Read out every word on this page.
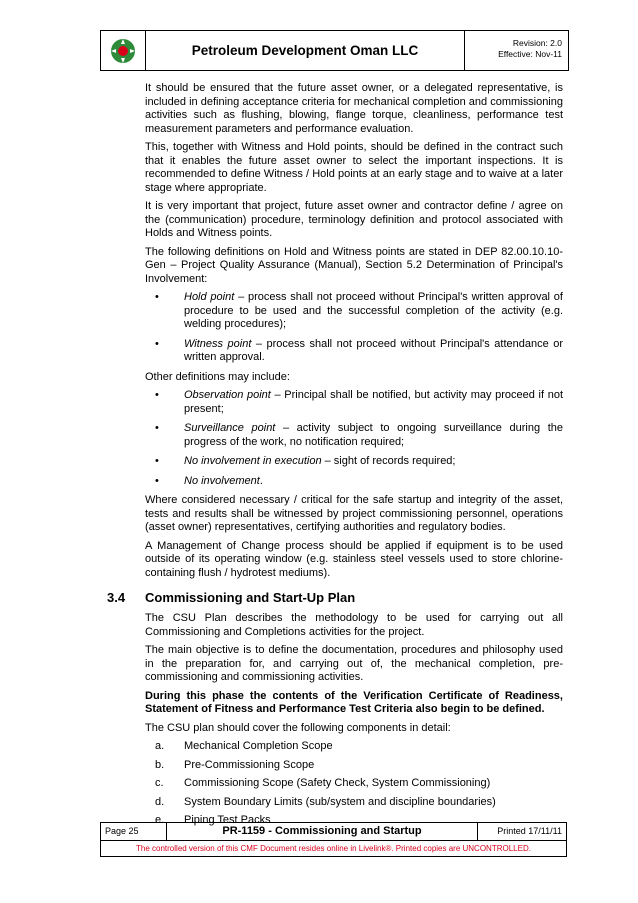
Petroleum Development Oman LLC	Revision: 2.0
Effective: Nov-11

It should be ensured that the future asset owner, or a delegated representative, is included in defining acceptance criteria for mechanical completion and commissioning activities such as flushing, blowing, flange torque, cleanliness, performance test measurement parameters and performance evaluation.

This, together with Witness and Hold points, should be defined in the contract such that it enables the future asset owner to select the important inspections. It is recommended to define Witness / Hold points at an early stage and to waive at a later stage where appropriate.

It is very important that project, future asset owner and contractor define / agree on the (communication) procedure, terminology definition and protocol associated with Holds and Witness points.

The following definitions on Hold and Witness points are stated in DEP 82.00.10.10-Gen – Project Quality Assurance (Manual), Section 5.2 Determination of Principal's Involvement:

• Hold point – process shall not proceed without Principal's written approval of procedure to be used and the successful completion of the activity (e.g. welding procedures);
• Witness point – process shall not proceed without Principal's attendance or written approval.

Other definitions may include:

• Observation point – Principal shall be notified, but activity may proceed if not present;
• Surveillance point – activity subject to ongoing surveillance during the progress of the work, no notification required;
• No involvement in execution – sight of records required;
• No involvement.

Where considered necessary / critical for the safe startup and integrity of the asset, tests and results shall be witnessed by project commissioning personnel, operations (asset owner) representatives, certifying authorities and regulatory bodies.

A Management of Change process should be applied if equipment is to be used outside of its operating window (e.g. stainless steel vessels used to store chlorine-containing flush / hydrotest mediums).

3.4	Commissioning and Start-Up Plan

The CSU Plan describes the methodology to be used for carrying out all Commissioning and Completions activities for the project.

The main objective is to define the documentation, procedures and philosophy used in the preparation for, and carrying out of, the mechanical completion, pre-commissioning and commissioning activities.

During this phase the contents of the Verification Certificate of Readiness, Statement of Fitness and Performance Test Criteria also begin to be defined.

The CSU plan should cover the following components in detail:

a. Mechanical Completion Scope
b. Pre-Commissioning Scope
c. Commissioning Scope (Safety Check, System Commissioning)
d. System Boundary Limits (sub/system and discipline boundaries)
e. Piping Test Packs
Page 25	PR-1159 - Commissioning and Startup	Printed 17/11/11
The controlled version of this CMF Document resides online in Livelink®. Printed copies are UNCONTROLLED.
